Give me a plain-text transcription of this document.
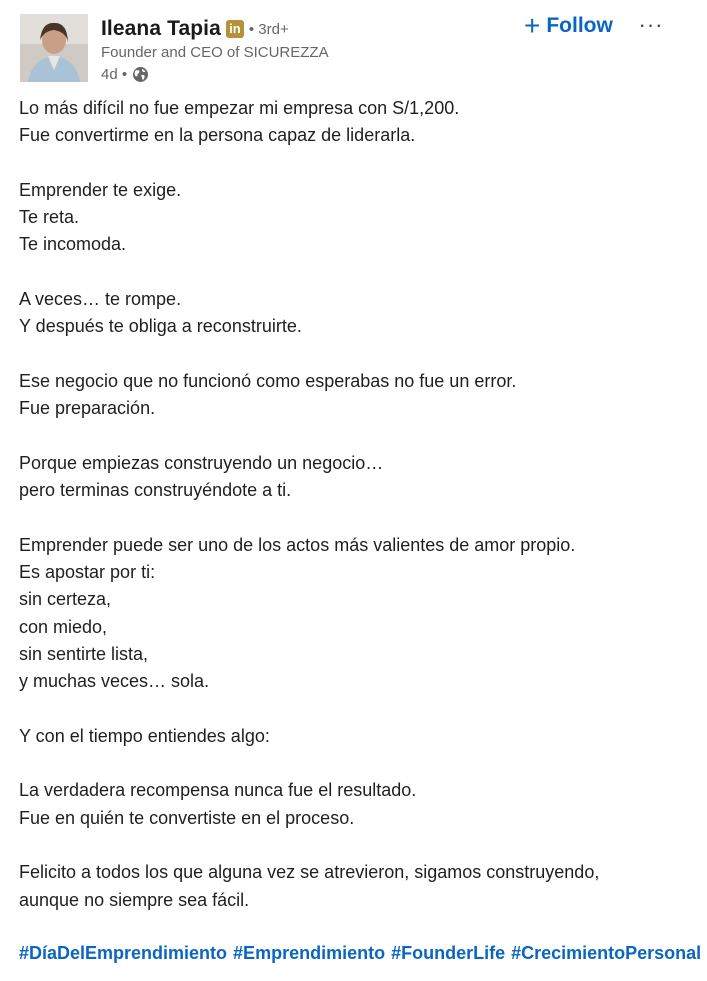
Ileana Tapia in • 3rd+
Founder and CEO of SICUREZZA
4d •
+ Follow ···
Lo más difícil no fue empezar mi empresa con S/1,200.
Fue convertirme en la persona capaz de liderarla.
Emprender te exige.
Te reta.
Te incomoda.
A veces… te rompe.
Y después te obliga a reconstruirte.
Ese negocio que no funcionó como esperabas no fue un error.
Fue preparación.
Porque empiezas construyendo un negocio…
pero terminas construyéndote a ti.
Emprender puede ser uno de los actos más valientes de amor propio.
Es apostar por ti:
sin certeza,
con miedo,
sin sentirte lista,
y muchas veces… sola.
Y con el tiempo entiendes algo:
La verdadera recompensa nunca fue el resultado.
Fue en quién te convertiste en el proceso.
Felicito a todos los que alguna vez se atrevieron, sigamos construyendo,
aunque no siempre sea fácil.
#DíaDelEmprendimiento #Emprendimiento #FounderLife #CrecimientoPersonal
